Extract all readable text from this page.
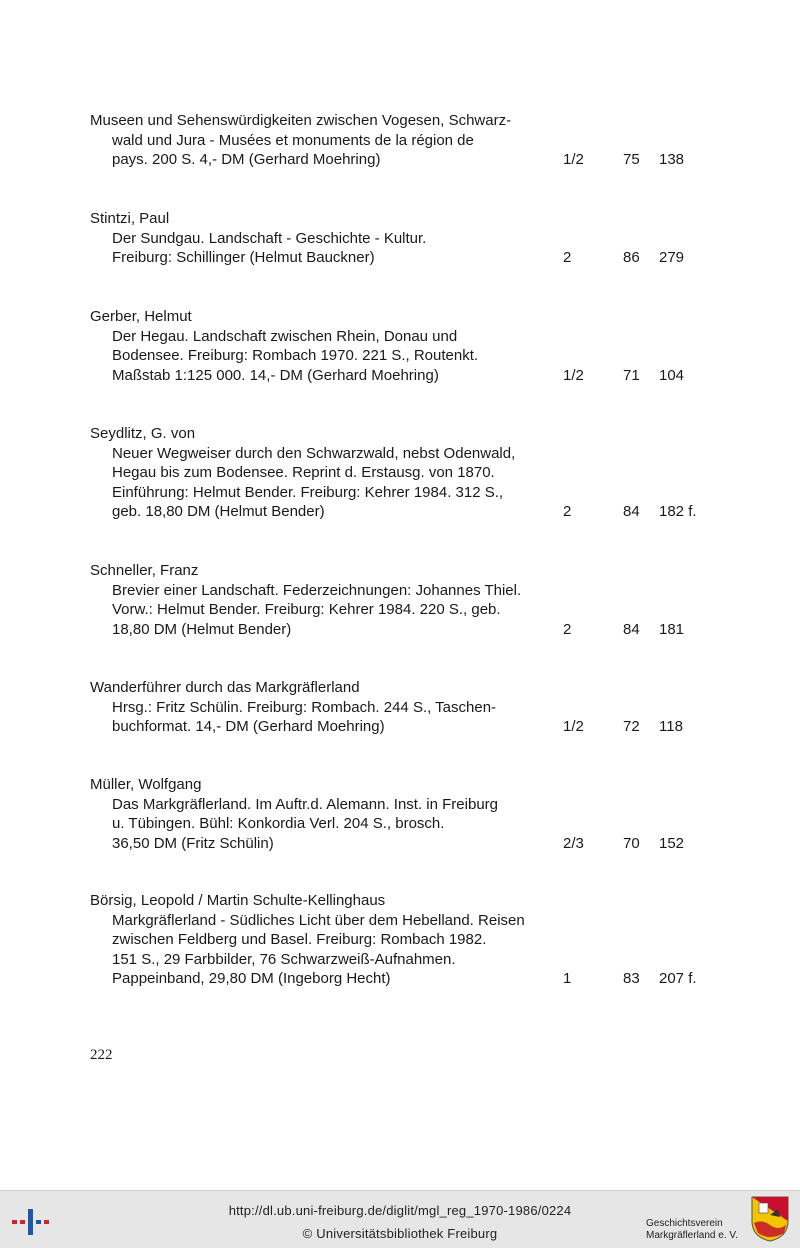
Museen und Sehenswürdigkeiten zwischen Vogesen, Schwarz-
wald und Jura - Musées et monuments de la région de
pays. 200 S. 4,- DM (Gerhard Moehring)	1/2	75 138
Stintzi, Paul
Der Sundgau. Landschaft - Geschichte - Kultur.
Freiburg: Schillinger (Helmut Bauckner)	2	86 279
Gerber, Helmut
Der Hegau. Landschaft zwischen Rhein, Donau und
Bodensee. Freiburg: Rombach 1970. 221 S., Routenkt.
Maßstab 1:125 000. 14,- DM (Gerhard Moehring)	1/2	71 104
Seydlitz, G. von
Neuer Wegweiser durch den Schwarzwald, nebst Odenwald,
Hegau bis zum Bodensee. Reprint d. Erstausg. von 1870.
Einführung: Helmut Bender. Freiburg: Kehrer 1984. 312 S.,
geb. 18,80 DM (Helmut Bender)	2	84 182 f.
Schneller, Franz
Brevier einer Landschaft. Federzeichnungen: Johannes Thiel.
Vorw.: Helmut Bender. Freiburg: Kehrer 1984. 220 S., geb.
18,80 DM (Helmut Bender)	2	84 181
Wanderführer durch das Markgräflerland
Hrsg.: Fritz Schülin. Freiburg: Rombach. 244 S., Taschen-
buchformat. 14,- DM (Gerhard Moehring)	1/2	72 118
Müller, Wolfgang
Das Markgräflerland. Im Auftr.d. Alemann. Inst. in Freiburg
u. Tübingen. Bühl: Konkordia Verl. 204 S., brosch.
36,50 DM (Fritz Schülin)	2/3	70 152
Börsig, Leopold / Martin Schulte-Kellinghaus
Markgräflerland - Südliches Licht über dem Hebelland. Reisen
zwischen Feldberg und Basel. Freiburg: Rombach 1982.
151 S., 29 Farbbilder, 76 Schwarzweiß-Aufnahmen.
Pappeinband, 29,80 DM (Ingeborg Hecht)	1	83 207 f.
222
http://dl.ub.uni-freiburg.de/diglit/mgl_reg_1970-1986/0224
© Universitätsbibliothek Freiburg
Geschichtsverein
Markgräflerland e. V.
